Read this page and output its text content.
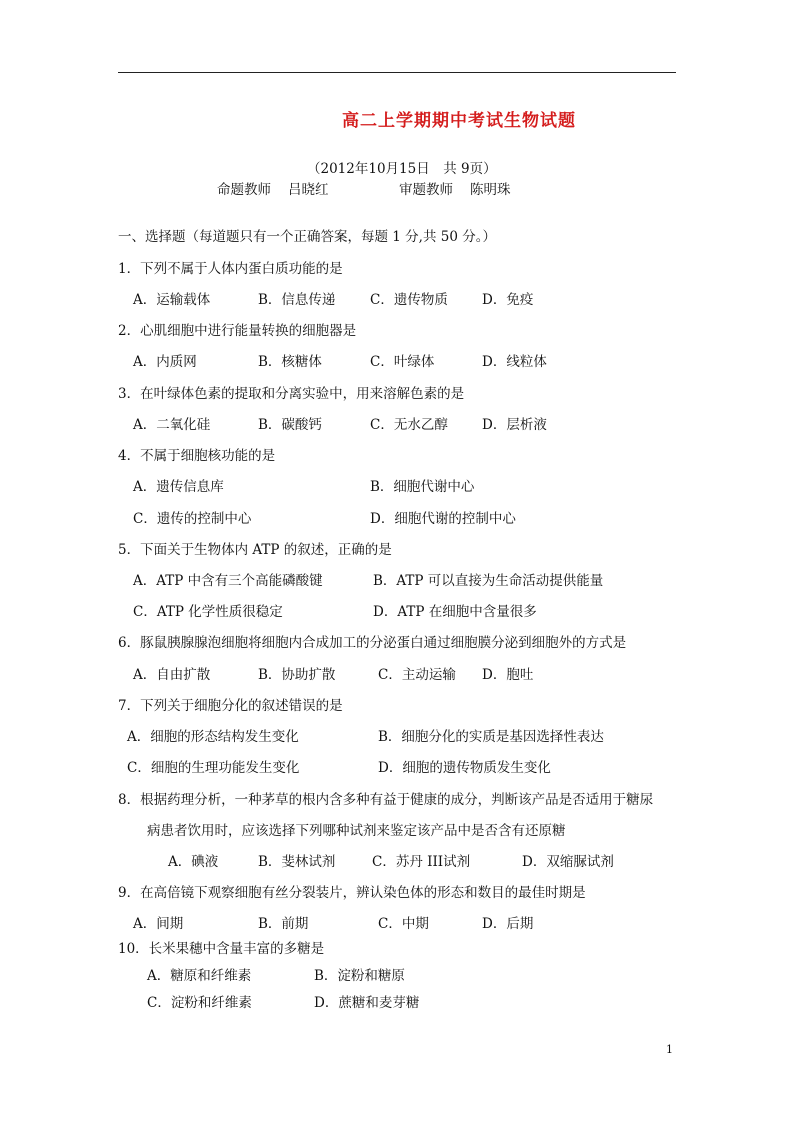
高二上学期期中考试生物试题
（2012年10月15日　共 9页）
命题教师 吕晓红	审题教师 陈明珠
一、选择题（每道题只有一个正确答案，每题 1 分,共 50 分。）
1．下列不属于人体内蛋白质功能的是
A．运输载体	B．信息传递	C．遗传物质	D．免疫
2．心肌细胞中进行能量转换的细胞器是
A．内质网	B．核糖体	C．叶绿体	D．线粒体
3．在叶绿体色素的提取和分离实验中，用来溶解色素的是
A．二氧化硅	B．碳酸钙	C．无水乙醇	D．层析液
4．不属于细胞核功能的是
A．遗传信息库	B．细胞代谢中心
C．遗传的控制中心	D．细胞代谢的控制中心
5．下面关于生物体内 ATP 的叙述，正确的是
A．ATP 中含有三个高能磷酸键	B．ATP 可以直接为生命活动提供能量
C．ATP 化学性质很稳定	D．ATP 在细胞中含量很多
6．豚鼠胰腺腺泡细胞将细胞内合成加工的分泌蛋白通过细胞膜分泌到细胞外的方式是
A．自由扩散	B．协助扩散	C．主动运输 D．胞吐
7．下列关于细胞分化的叙述错误的是
A．细胞的形态结构发生变化	B．细胞分化的实质是基因选择性表达
C．细胞的生理功能发生变化	D．细胞的遗传物质发生变化
8．根据药理分析，一种茅草的根内含多种有益于健康的成分，判断该产品是否适用于糖尿
病患者饮用时，应该选择下列哪种试剂来鉴定该产品中是否含有还原糖
A．碘液	B．斐林试剂	C．苏丹 III试剂	D．双缩脲试剂
9．在高倍镜下观察细胞有丝分裂装片，辨认染色体的形态和数目的最佳时期是
A．间期	B．前期	C．中期	D．后期
10．长米果穗中含量丰富的多糖是
A．糖原和纤维素	B．淀粉和糖原
C．淀粉和纤维素	D．蔗糖和麦芽糖
1
